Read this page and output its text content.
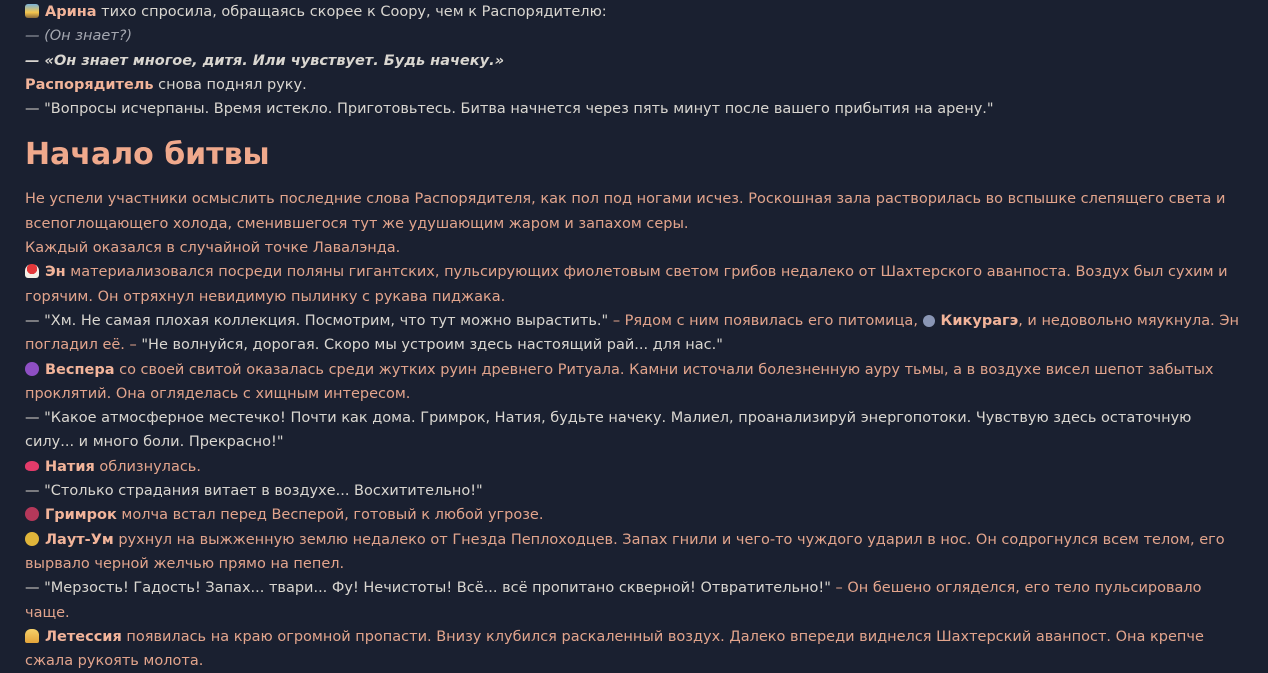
Арина тихо спросила, обращаясь скорее к Соору, чем к Распорядителю:

— (Он знает?)

— «Он знает многое, дитя. Или чувствует. Будь начеку.»

Распорядитель снова поднял руку.

— "Вопросы исчерпаны. Время истекло. Приготовьтесь. Битва начнется через пять минут после вашего прибытия на арену."

Начало битвы

Не успели участники осмыслить последние слова Распорядителя, как пол под ногами исчез. Роскошная зала растворилась во вспышке слепящего света и всепоглощающего холода, сменившегося тут же удушающим жаром и запахом серы.

Каждый оказался в случайной точке Лавалэнда.

Эн материализовался посреди поляны гигантских, пульсирующих фиолетовым светом грибов недалеко от Шахтерского аванпоста. Воздух был сухим и горячим. Он отряхнул невидимую пылинку с рукава пиджака.

— "Хм. Не самая плохая коллекция. Посмотрим, что тут можно вырастить." – Рядом с ним появилась его питомица, Кикурагэ, и недовольно мяукнула. Эн погладил её. – "Не волнуйся, дорогая. Скоро мы устроим здесь настоящий рай... для нас."

Веспера со своей свитой оказалась среди жутких руин древнего Ритуала. Камни источали болезненную ауру тьмы, а в воздухе висел шепот забытых проклятий. Она огляделась с хищным интересом.

— "Какое атмосферное местечко! Почти как дома. Гримрок, Натия, будьте начеку. Малиел, проанализируй энергопотоки. Чувствую здесь остаточную силу... и много боли. Прекрасно!"

Натия облизнулась.

— "Столько страдания витает в воздухе... Восхитительно!"

Гримрок молча встал перед Весперой, готовый к любой угрозе.

Лаут-Ум рухнул на выжженную землю недалеко от Гнезда Пеплоходцев. Запах гнили и чего-то чуждого ударил в нос. Он содрогнулся всем телом, его вырвало черной желчью прямо на пепел.

— "Мерзость! Гадость! Запах... твари... Фу! Нечистоты! Всё... всё пропитано скверной! Отвратительно!" – Он бешено огляделся, его тело пульсировало чаще.

Летессия появилась на краю огромной пропасти. Внизу клубился раскаленный воздух. Далеко впереди виднелся Шахтерский аванпост. Она крепче сжала рукоять молота.
